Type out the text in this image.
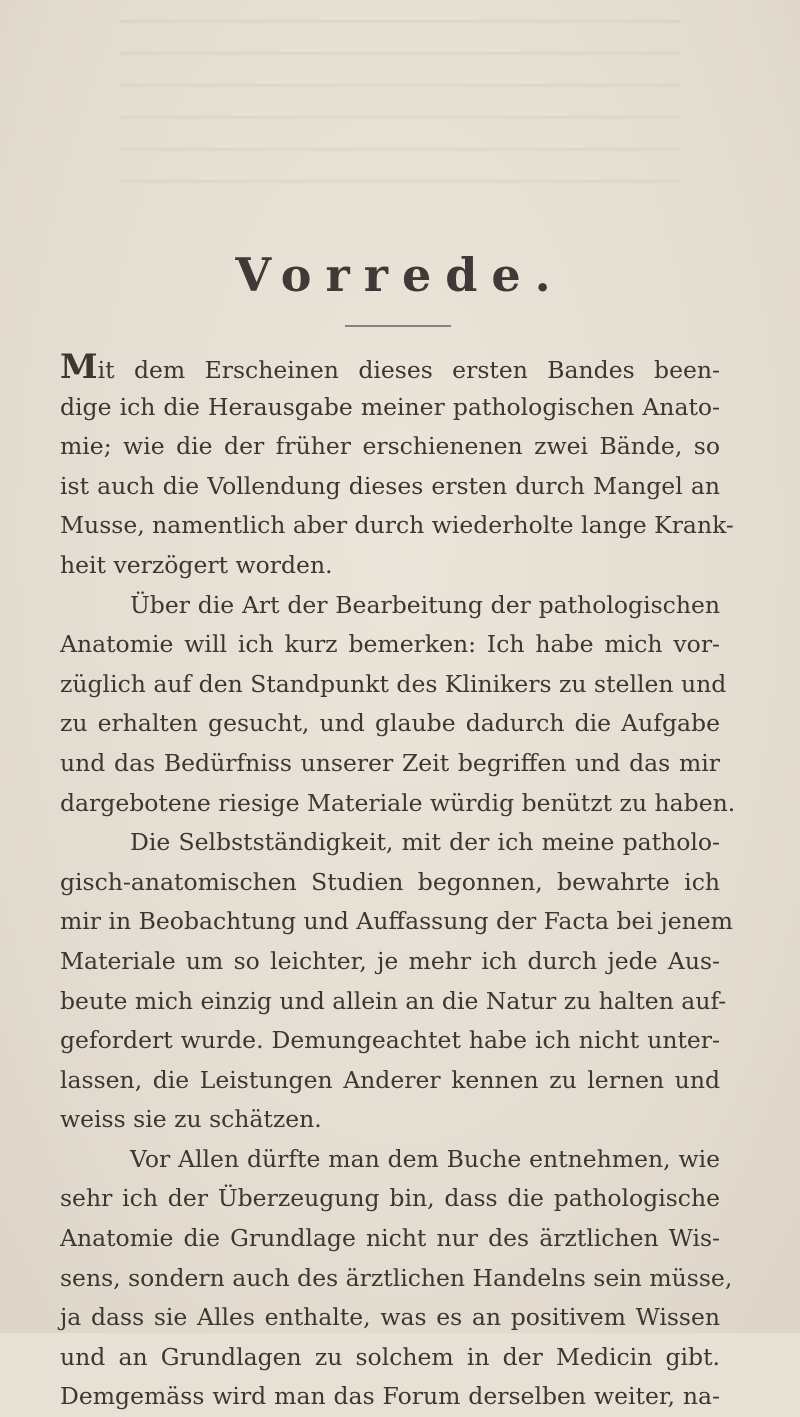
Vorrede.
Mit dem Erscheinen dieses ersten Bandes been-
dige ich die Herausgabe meiner pathologischen Anato-
mie; wie die der früher erschienenen zwei Bände, so
ist auch die Vollendung dieses ersten durch Mangel an
Musse, namentlich aber durch wiederholte lange Krank-
heit verzögert worden.
Über die Art der Bearbeitung der pathologischen
Anatomie will ich kurz bemerken: Ich habe mich vor-
züglich auf den Standpunkt des Klinikers zu stellen und
zu erhalten gesucht, und glaube dadurch die Aufgabe
und das Bedürfniss unserer Zeit begriffen und das mir
dargebotene riesige Materiale würdig benützt zu haben.
Die Selbstständigkeit, mit der ich meine patholo-
gisch-anatomischen Studien begonnen, bewahrte ich
mir in Beobachtung und Auffassung der Facta bei jenem
Materiale um so leichter, je mehr ich durch jede Aus-
beute mich einzig und allein an die Natur zu halten auf-
gefordert wurde. Demungeachtet habe ich nicht unter-
lassen, die Leistungen Anderer kennen zu lernen und
weiss sie zu schätzen.
Vor Allen dürfte man dem Buche entnehmen, wie
sehr ich der Überzeugung bin, dass die pathologische
Anatomie die Grundlage nicht nur des ärztlichen Wis-
sens, sondern auch des ärztlichen Handelns sein müsse,
ja dass sie Alles enthalte, was es an positivem Wissen
und an Grundlagen zu solchem in der Medicin gibt.
Demgemäss wird man das Forum derselben weiter, na-
